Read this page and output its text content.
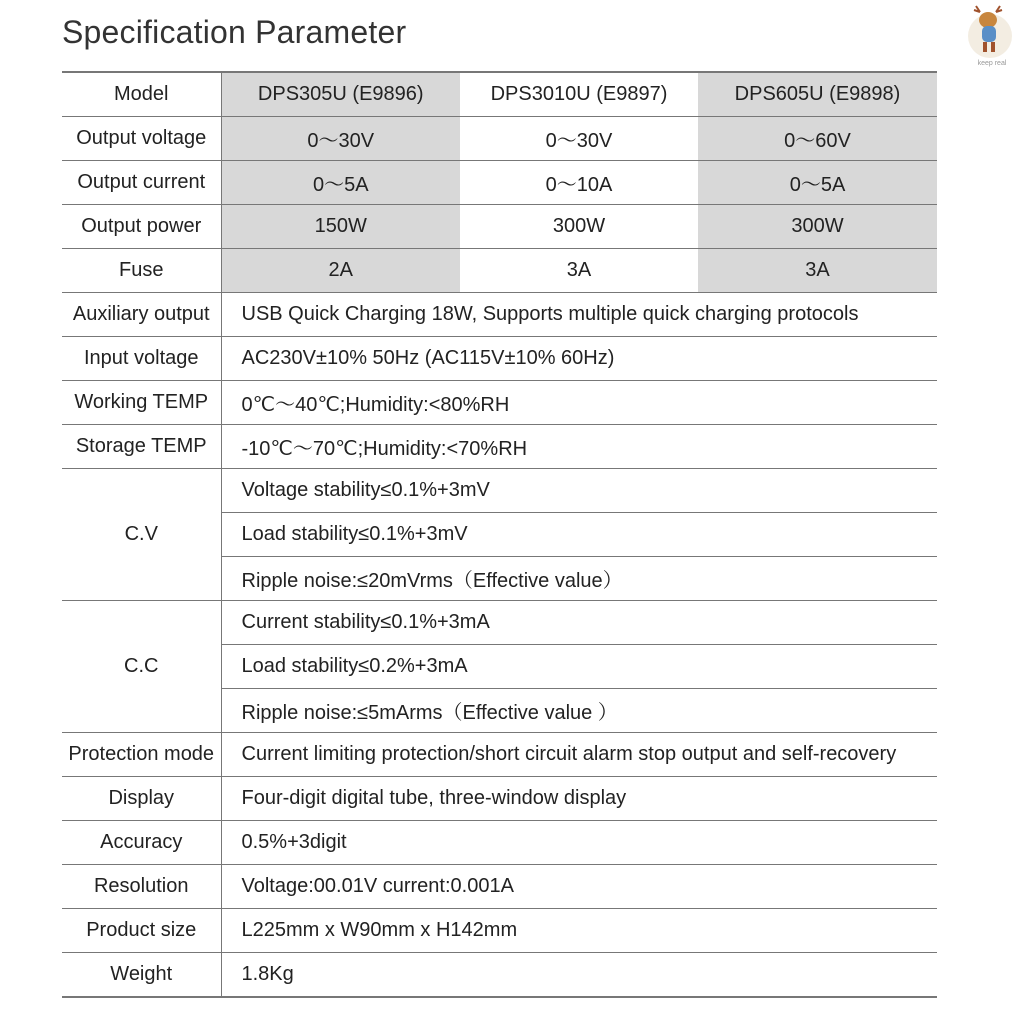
Specification Parameter
keep real
Model	DPS305U (E9896)	DPS3010U (E9897)	DPS605U (E9898)
Output voltage	0～30V	0～30V	0～60V
Output current	0～5A	0～10A	0～5A
Output power	150W	300W	300W
Fuse	2A	3A	3A
Auxiliary output	USB Quick Charging 18W, Supports multiple quick charging protocols		
Input voltage	AC230V±10% 50Hz (AC115V±10% 60Hz)		
Working TEMP	0℃～40℃;Humidity:<80%RH		
Storage TEMP	-10℃～70℃;Humidity:<70%RH		
C.V	Voltage stability≤0.1%+3mV		
	Load stability≤0.1%+3mV		
	Ripple noise:≤20mVrms（Effective value）		
C.C	Current stability≤0.1%+3mA		
	Load stability≤0.2%+3mA		
	Ripple noise:≤5mArms（Effective value ）		
Protection mode	Current limiting protection/short circuit alarm stop output and self-recovery		
Display	Four-digit digital tube, three-window display		
Accuracy	0.5%+3digit		
Resolution	Voltage:00.01V current:0.001A		
Product size	L225mm x W90mm x H142mm		
Weight	1.8Kg		
